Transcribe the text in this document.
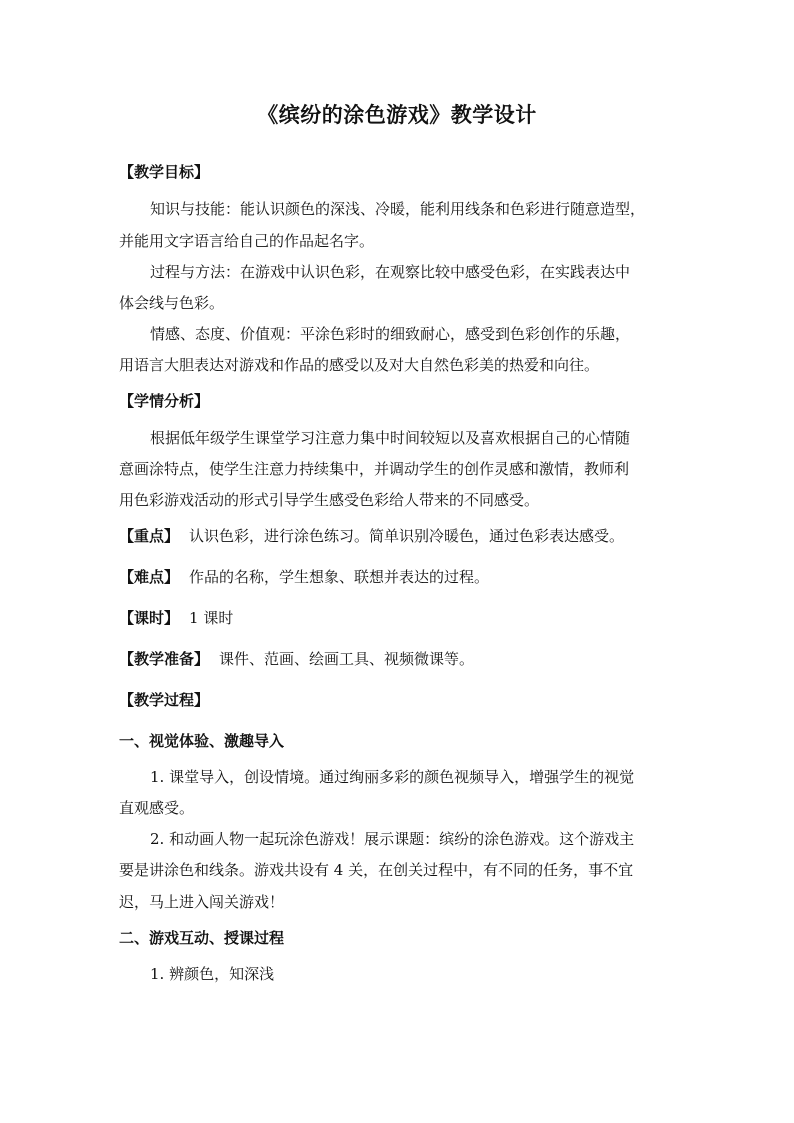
《缤纷的涂色游戏》教学设计
【教学目标】
知识与技能：能认识颜色的深浅、冷暖，能利用线条和色彩进行随意造型，
并能用文字语言给自己的作品起名字。
过程与方法：在游戏中认识色彩，在观察比较中感受色彩，在实践表达中
体会线与色彩。
情感、态度、价值观：平涂色彩时的细致耐心，感受到色彩创作的乐趣，
用语言大胆表达对游戏和作品的感受以及对大自然色彩美的热爱和向往。
【学情分析】
根据低年级学生课堂学习注意力集中时间较短以及喜欢根据自己的心情随
意画涂特点，使学生注意力持续集中，并调动学生的创作灵感和激情，教师利
用色彩游戏活动的形式引导学生感受色彩给人带来的不同感受。
【重点】 认识色彩，进行涂色练习。简单识别冷暖色，通过色彩表达感受。
【难点】 作品的名称，学生想象、联想并表达的过程。
【课时】 1 课时
【教学准备】 课件、范画、绘画工具、视频微课等。
【教学过程】
一、视觉体验、激趣导入
1. 课堂导入，创设情境。通过绚丽多彩的颜色视频导入，增强学生的视觉
直观感受。
2. 和动画人物一起玩涂色游戏！展示课题：缤纷的涂色游戏。这个游戏主
要是讲涂色和线条。游戏共设有 4 关，在创关过程中，有不同的任务，事不宜
迟，马上进入闯关游戏！
二、游戏互动、授课过程
1. 辨颜色，知深浅
